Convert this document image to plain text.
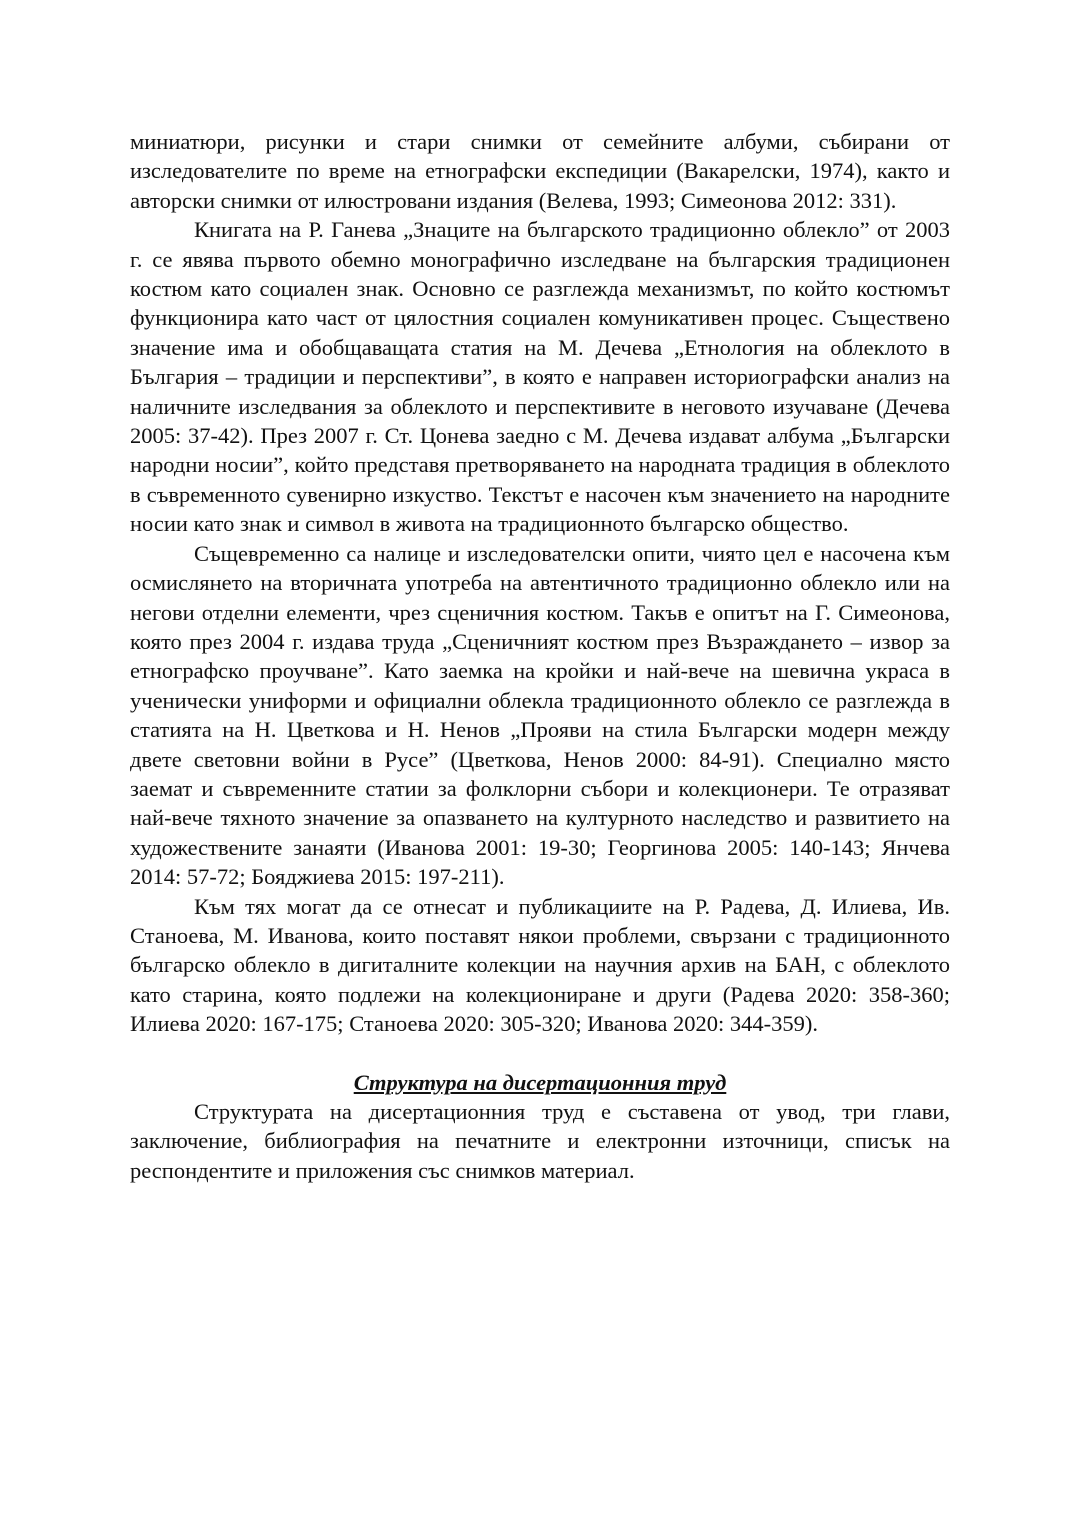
миниатюри, рисунки и стари снимки от семейните албуми, събирани от изследователите по време на етнографски експедиции (Вакарелски, 1974), както и авторски снимки от илюстровани издания (Велева, 1993; Симеонова 2012: 331).

Книгата на Р. Ганева „Знаците на българското традиционно облекло” от 2003 г. се явява първото обемно монографично изследване на българския традиционен костюм като социален знак. Основно се разглежда механизмът, по който костюмът функционира като част от цялостния социален комуникативен процес. Съществено значение има и обобщаващата статия на М. Дечева „Етнология на облеклото в България – традиции и перспективи”, в която е направен историографски анализ на наличните изследвания за облеклото и перспективите в неговото изучаване (Дечева 2005: 37-42). През 2007 г. Ст. Цонева заедно с М. Дечева издават албума „Български народни носии”, който представя претворяването на народната традиция в облеклото в съвременното сувенирно изкуство. Текстът е насочен към значението на народните носии като знак и символ в живота на традиционното българско общество.

Същевременно са налице и изследователски опити, чиято цел е насочена към осмислянето на вторичната употреба на автентичното традиционно облекло или на негови отделни елементи, чрез сценичния костюм. Такъв е опитът на Г. Симеонова, която през 2004 г. издава труда „Сценичният костюм през Възраждането – извор за етнографско проучване”. Като заемка на кройки и най-вече на шевична украса в ученически униформи и официални облекла традиционното облекло се разглежда в статията на Н. Цветкова и Н. Ненов „Прояви на стила Български модерн между двете световни войни в Русе” (Цветкова, Ненов 2000: 84-91). Специално място заемат и съвременните статии за фолклорни събори и колекционери. Те отразяват най-вече тяхното значение за опазването на културното наследство и развитието на художествените занаяти (Иванова 2001: 19-30; Георгинова 2005: 140-143; Янчева 2014: 57-72; Бояджиева 2015: 197-211).

Към тях могат да се отнесат и публикациите на Р. Радева, Д. Илиева, Ив. Станоева, М. Иванова, които поставят някои проблеми, свързани с традиционното българско облекло в дигиталните колекции на научния архив на БАН, с облеклото като старина, която подлежи на колекциониране и други (Радева 2020: 358-360; Илиева 2020: 167-175; Станоева 2020: 305-320; Иванова 2020: 344-359).

Структура на дисертационния труд

Структурата на дисертационния труд е съставена от увод, три глави, заключение, библиография на печатните и електронни източници, списък на респондентите и приложения със снимков материал.
